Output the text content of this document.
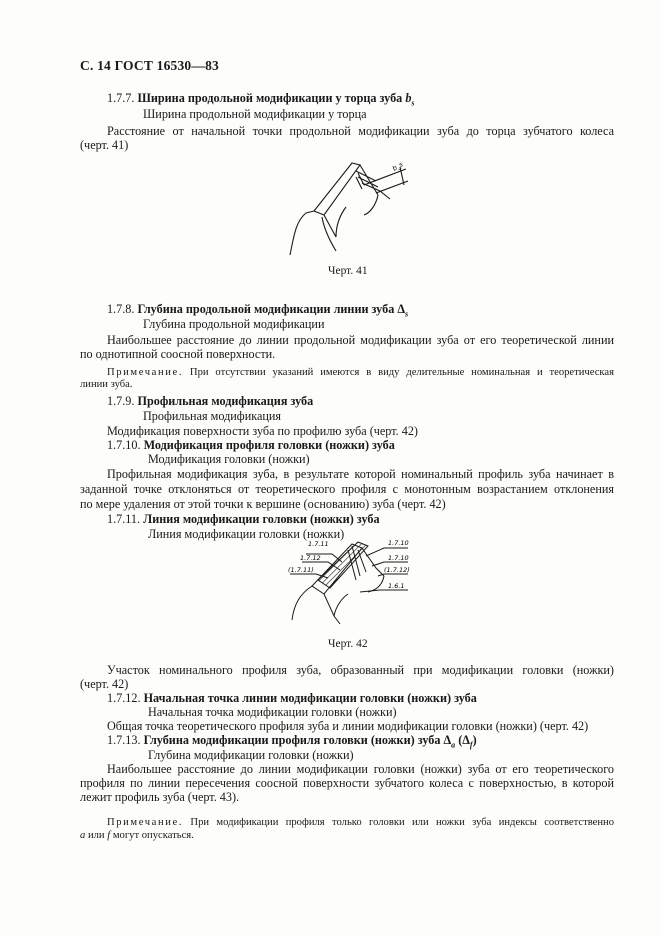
С. 14 ГОСТ 16530—83
1.7.7. Ширина продольной модификации у торца зуба $b_s$
Ширина продольной модификации у торца
Расстояние от начальной точки продольной модификации зуба до торца зубчатого колеса
(черт. 41)
b_s
Черт. 41
1.7.8. Глубина продольной модификации линии зуба $\Delta_s$
Глубина продольной модификации
Наибольшее расстояние до линии продольной модификации зуба от его теоретической линии
по однотипной соосной поверхности.
Примечание. При отсутствии указаний имеются в виду делительные номинальная и теоретическая
линии зуба.
1.7.9. Профильная модификация зуба
Профильная модификация
Модификация поверхности зуба по профилю зуба (черт. 42)
1.7.10. Модификация профиля головки (ножки) зуба
Модификация головки (ножки)
Профильная модификация зуба, в результате которой номинальный профиль зуба начинает в
заданной точке отклоняться от теоретического профиля с монотонным возрастанием отклонения
по мере удаления от этой точки к вершине (основанию) зуба (черт. 42)
1.7.11. Линия модификации головки (ножки) зуба
Линия модификации головки (ножки)
1.7.11
1.7.12
(1.7.11)
1.7.10
1.7.10
(1.7.12)
1.6.1
Черт. 42
Участок номинального профиля зуба, образованный при модификации головки (ножки)
(черт. 42)
1.7.12. Начальная точка линии модификации головки (ножки) зуба
Начальная точка модификации головки (ножки)
Общая точка теоретического профиля зуба и линии модификации головки (ножки) (черт. 42)
1.7.13. Глубина модификации профиля головки (ножки) зуба $\Delta_a$ $(\Delta_f)$
Глубина модификации головки (ножки)
Наибольшее расстояние до линии модификации головки (ножки) зуба от его теоретического
профиля по линии пересечения соосной поверхности зубчатого колеса с поверхностью, в которой
лежит профиль зуба (черт. 43).
Примечание. При модификации профиля только головки или ножки зуба индексы соответственно
a или f могут опускаться.
